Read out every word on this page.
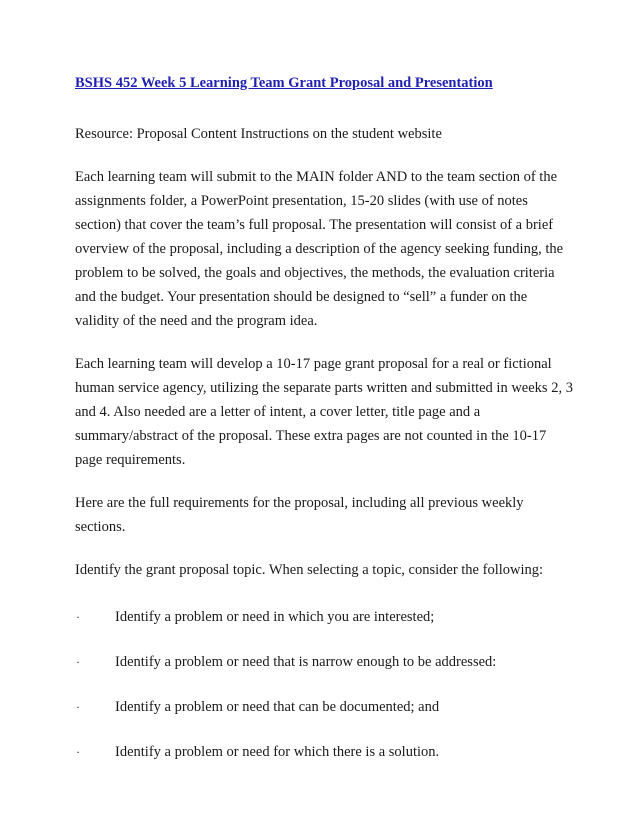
BSHS 452 Week 5 Learning Team Grant Proposal and Presentation

Resource: Proposal Content Instructions on the student website

Each learning team will submit to the MAIN folder AND to the team section of the assignments folder, a PowerPoint presentation, 15-20 slides (with use of notes section) that cover the team’s full proposal. The presentation will consist of a brief overview of the proposal, including a description of the agency seeking funding, the problem to be solved, the goals and objectives, the methods, the evaluation criteria and the budget. Your presentation should be designed to “sell” a funder on the validity of the need and the program idea.

Each learning team will develop a 10-17 page grant proposal for a real or fictional human service agency, utilizing the separate parts written and submitted in weeks 2, 3 and 4. Also needed are a letter of intent, a cover letter, title page and a summary/abstract of the proposal. These extra pages are not counted in the 10-17 page requirements.

Here are the full requirements for the proposal, including all previous weekly sections.

Identify the grant proposal topic. When selecting a topic, consider the following:

·	Identify a problem or need in which you are interested;
·	Identify a problem or need that is narrow enough to be addressed:
·	Identify a problem or need that can be documented; and
·	Identify a problem or need for which there is a solution.
